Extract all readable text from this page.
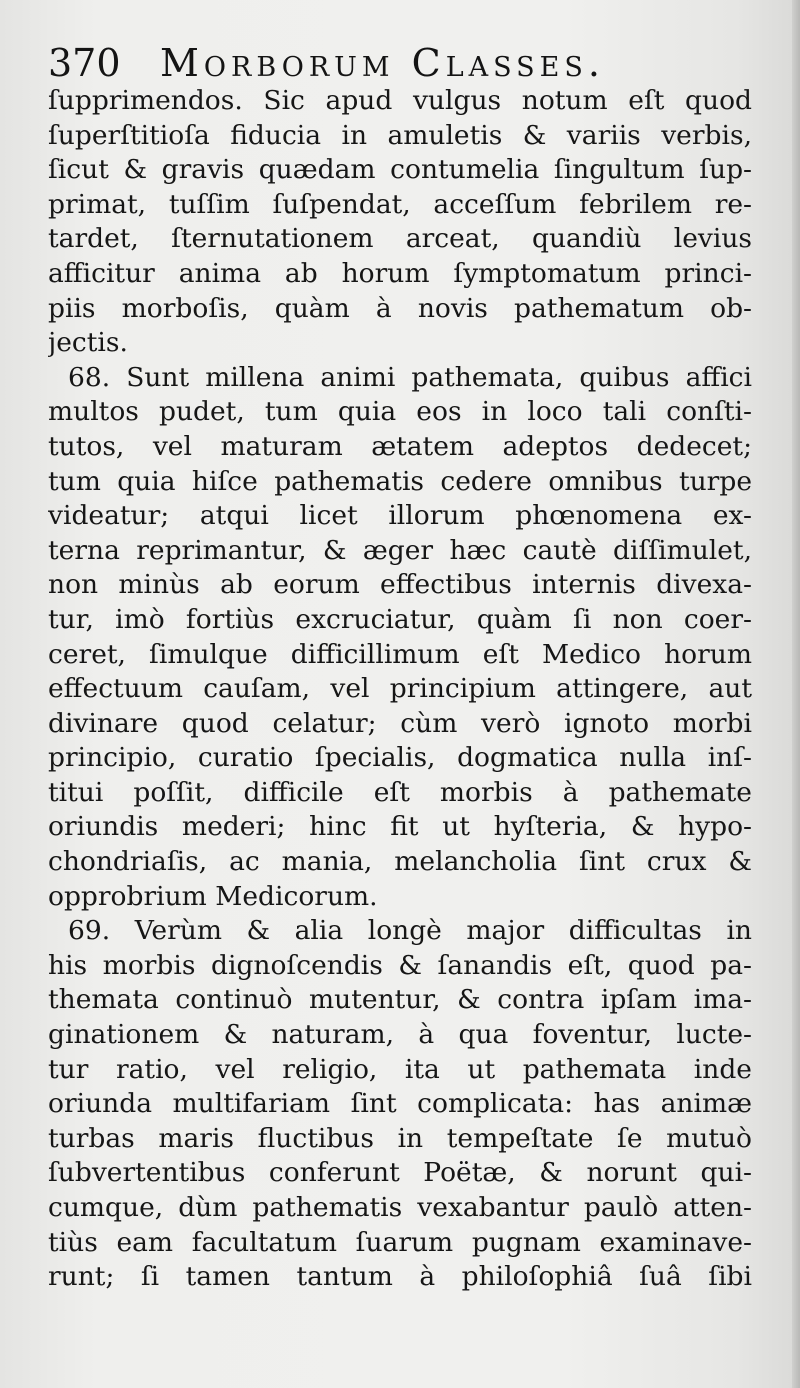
370 Morborum Classes.
ſupprimendos. Sic apud vulgus notum eſt quod
ſuperſtitioſa fiducia in amuletis & variis verbis,
ſicut & gravis quædam contumelia ſingultum ſup-
primat, tuſſim ſuſpendat, acceſſum febrilem re-
tardet, ſternutationem arceat, quandiù levius
afficitur anima ab horum ſymptomatum princi-
piis morboſis, quàm à novis pathematum ob-
jectis.
68. Sunt millena animi pathemata, quibus affici
multos pudet, tum quia eos in loco tali conſti-
tutos, vel maturam ætatem adeptos dedecet;
tum quia hiſce pathematis cedere omnibus turpe
videatur; atqui licet illorum phœnomena ex-
terna reprimantur, & æger hæc cautè diſſimulet,
non minùs ab eorum effectibus internis divexa-
tur, imò fortiùs excruciatur, quàm ſi non coer-
ceret, ſimulque difficillimum eſt Medico horum
effectuum cauſam, vel principium attingere, aut
divinare quod celatur; cùm verò ignoto morbi
principio, curatio ſpecialis, dogmatica nulla inſ-
titui poſſit, difficile eſt morbis à pathemate
oriundis mederi; hinc fit ut hyſteria, & hypo-
chondriaſis, ac mania, melancholia ſint crux &
opprobrium Medicorum.
69. Verùm & alia longè major difficultas in
his morbis dignoſcendis & ſanandis eſt, quod pa-
themata continuò mutentur, & contra ipſam ima-
ginationem & naturam, à qua foventur, lucte-
tur ratio, vel religio, ita ut pathemata inde
oriunda multifariam ſint complicata: has animæ
turbas maris fluctibus in tempeſtate ſe mutuò
ſubvertentibus conferunt Poëtæ, & norunt qui-
cumque, dùm pathematis vexabantur paulò atten-
tiùs eam facultatum ſuarum pugnam examinave-
runt; ſi tamen tantum à philoſophiâ ſuâ ſibi
